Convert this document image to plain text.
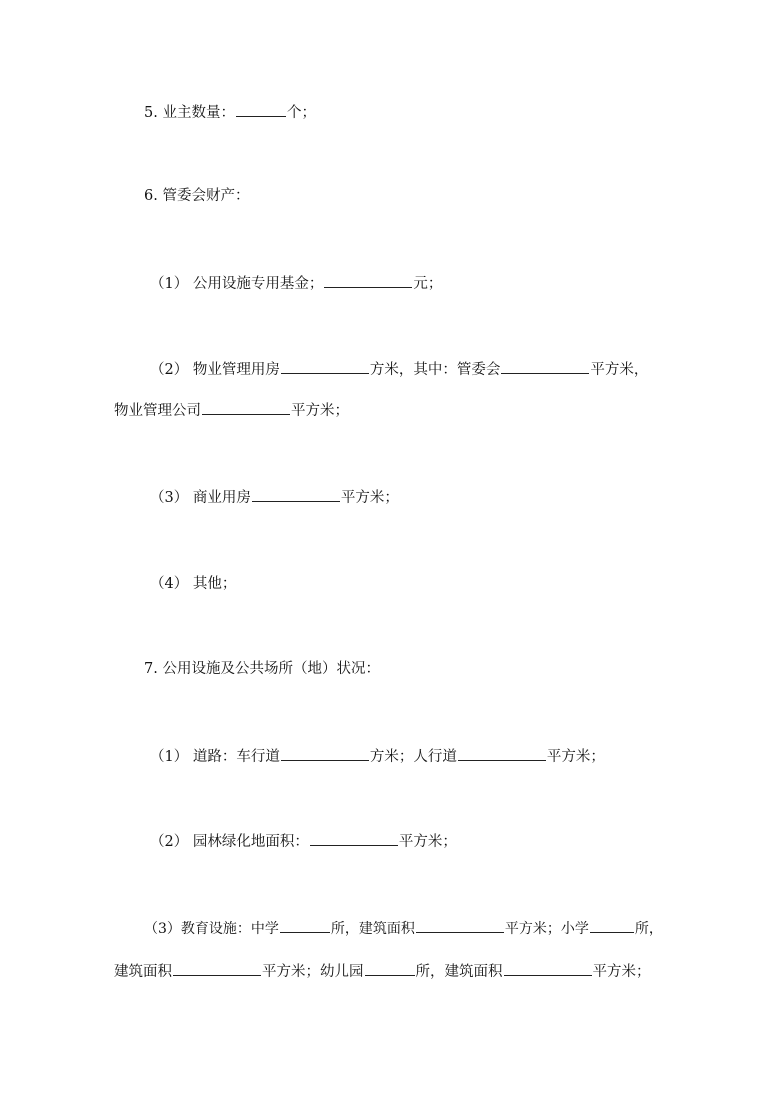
5. 业主数量：	个；
6. 管委会财产：
（1） 公用设施专用基金；	元；
（2） 物业管理用房	方米，其中：管委会	平方米，
物业管理公司	平方米；
（3） 商业用房	平方米；
（4） 其他；
7. 公用设施及公共场所（地）状况：
（1） 道路：车行道	方米；人行道	平方米；
（2） 园林绿化地面积：	平方米；
（3）教育设施：中学	所，建筑面积	平方米；小学	所，
建筑面积	平方米；幼儿园	所，建筑面积	平方米；
